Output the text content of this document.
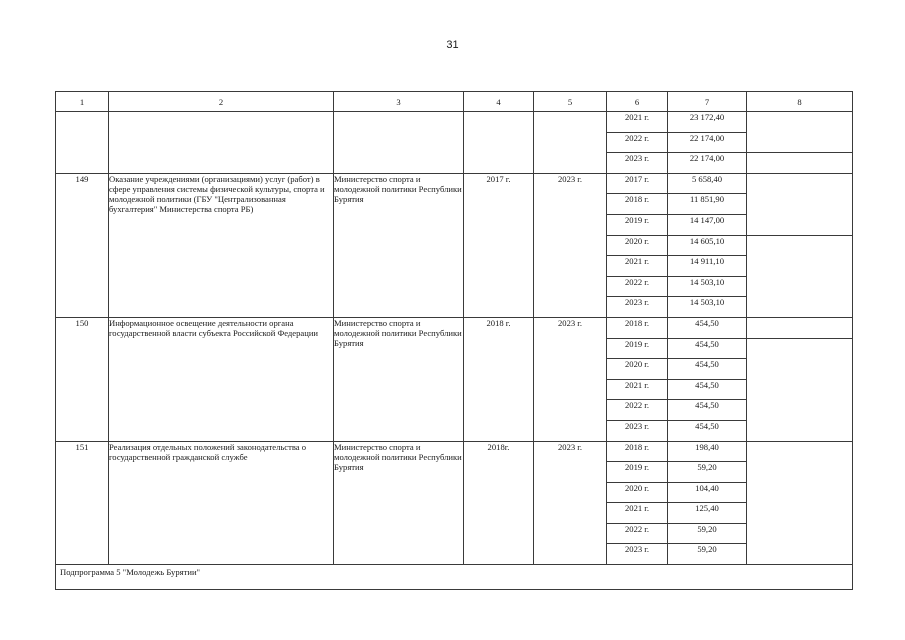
31
1	2	3	4	5	6	7	8
					2021 г.	23 172,40	
					2022 г.	22 174,00	
					2023 г.	22 174,00	
149	Оказание учреждениями (организациями) услуг (работ) в сфере управления системы физической культуры, спорта и молодежной политики (ГБУ "Централизованная бухгалтерия" Министерства спорта РБ)	Министерство спорта и молодежной политики Республики Бурятия	2017 г.	2023 г.	2017 г.	5 658,40	
					2018 г.	11 851,90	
					2019 г.	14 147,00	
					2020 г.	14 605,10	
					2021 г.	14 911,10	
					2022 г.	14 503,10	
					2023 г.	14 503,10	
150	Информационное освещение деятельности органа государственной власти субъекта Российской Федерации	Министерство спорта и молодежной политики Республики Бурятия	2018 г.	2023 г.	2018 г.	454,50	
					2019 г.	454,50	
					2020 г.	454,50	
					2021 г.	454,50	
					2022 г.	454,50	
					2023 г.	454,50	
151	Реализация отдельных положений законодательства о государственной гражданской службе	Министерство спорта и молодежной политики Республики Бурятия	2018г.	2023 г.	2018 г.	198,40	
					2019 г.	59,20	
					2020 г.	104,40	
					2021 г.	125,40	
					2022 г.	59,20	
					2023 г.	59,20	
Подпрограмма 5 "Молодежь Бурятии"							
